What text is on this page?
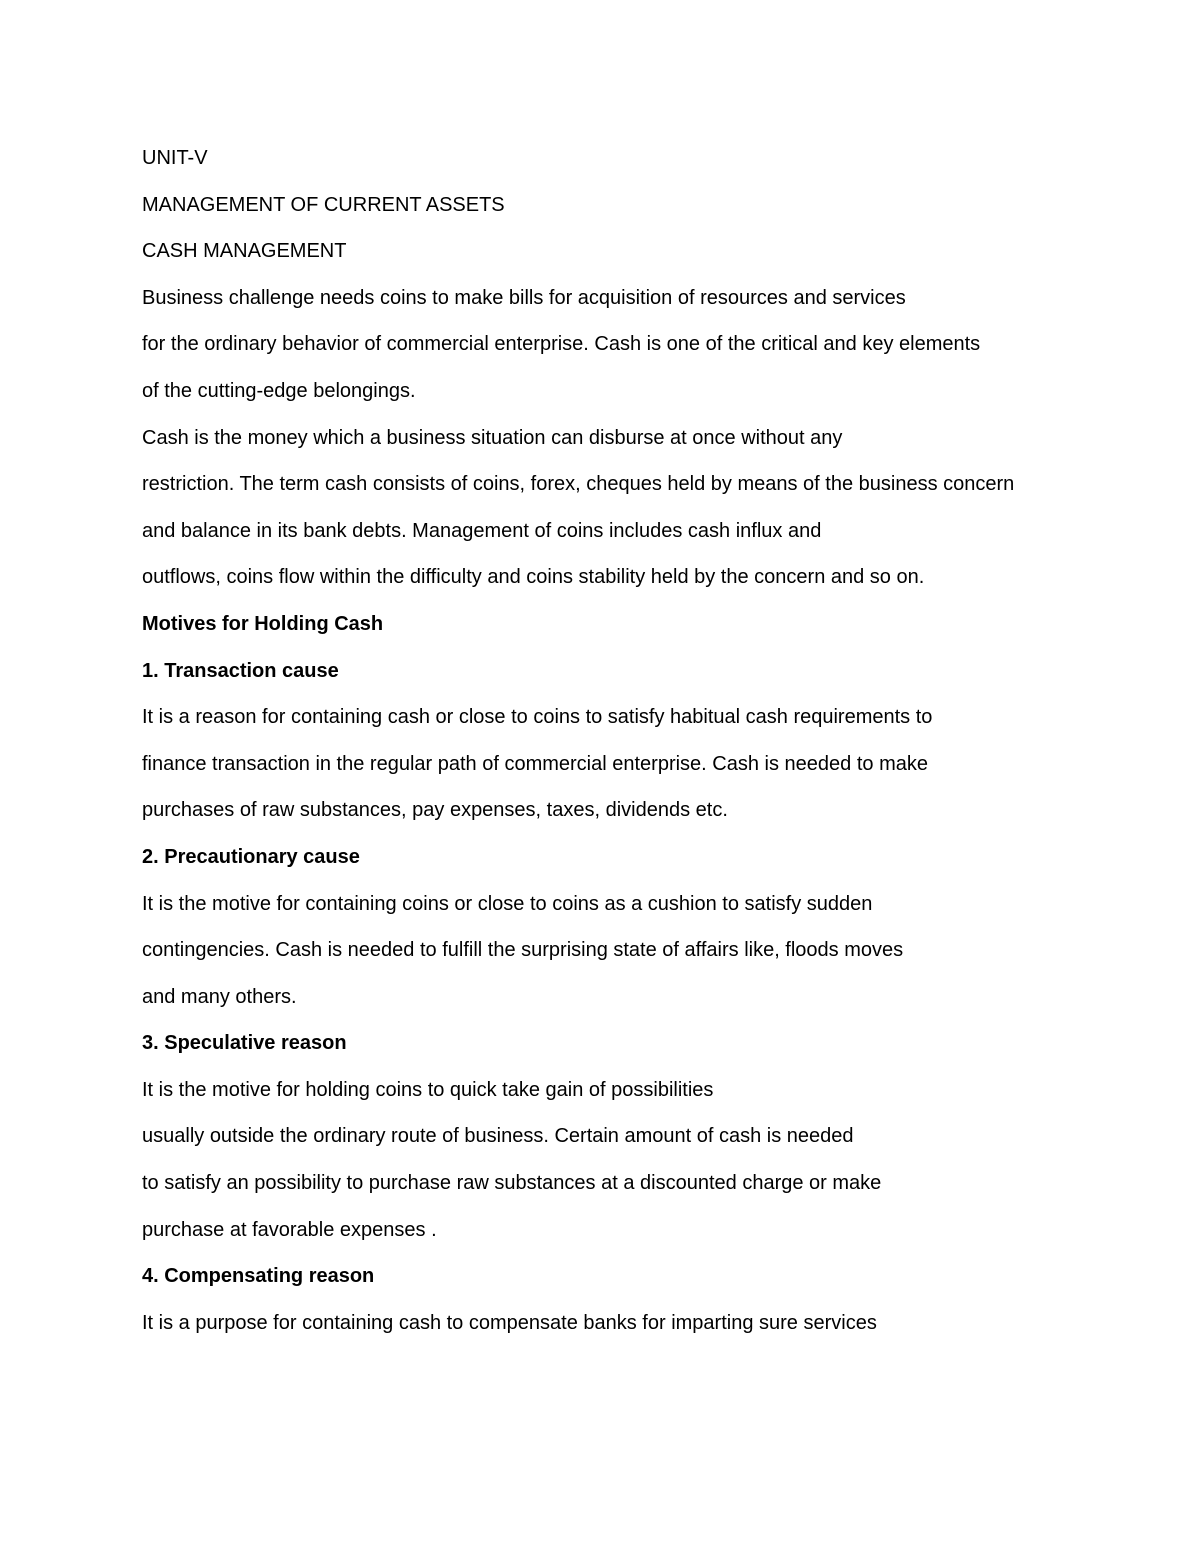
UNIT-V
MANAGEMENT OF CURRENT ASSETS
CASH MANAGEMENT
Business challenge needs coins to make bills for acquisition of resources and services
for the ordinary behavior of commercial enterprise. Cash is one of the critical and key elements
of the cutting-edge belongings.
Cash is the money which a business situation can disburse at once without any
restriction. The term cash consists of coins, forex, cheques held by means of the business concern
and balance in its bank debts. Management of coins includes cash influx and
outflows, coins flow within the difficulty and coins stability held by the concern and so on.
Motives for Holding Cash
1. Transaction cause
It is a reason for containing cash or close to coins to satisfy habitual cash requirements to
finance transaction in the regular path of commercial enterprise. Cash is needed to make
purchases of raw substances, pay expenses, taxes, dividends etc.
2. Precautionary cause
It is the motive for containing coins or close to coins as a cushion to satisfy sudden
contingencies. Cash is needed to fulfill the surprising state of affairs like, floods moves
and many others.
3. Speculative reason
It is the motive for holding coins to quick take gain of possibilities
usually outside the ordinary route of business. Certain amount of cash is needed
to satisfy an possibility to purchase raw substances at a discounted charge or make
purchase at favorable expenses .
4. Compensating reason
It is a purpose for containing cash to compensate banks for imparting sure services
